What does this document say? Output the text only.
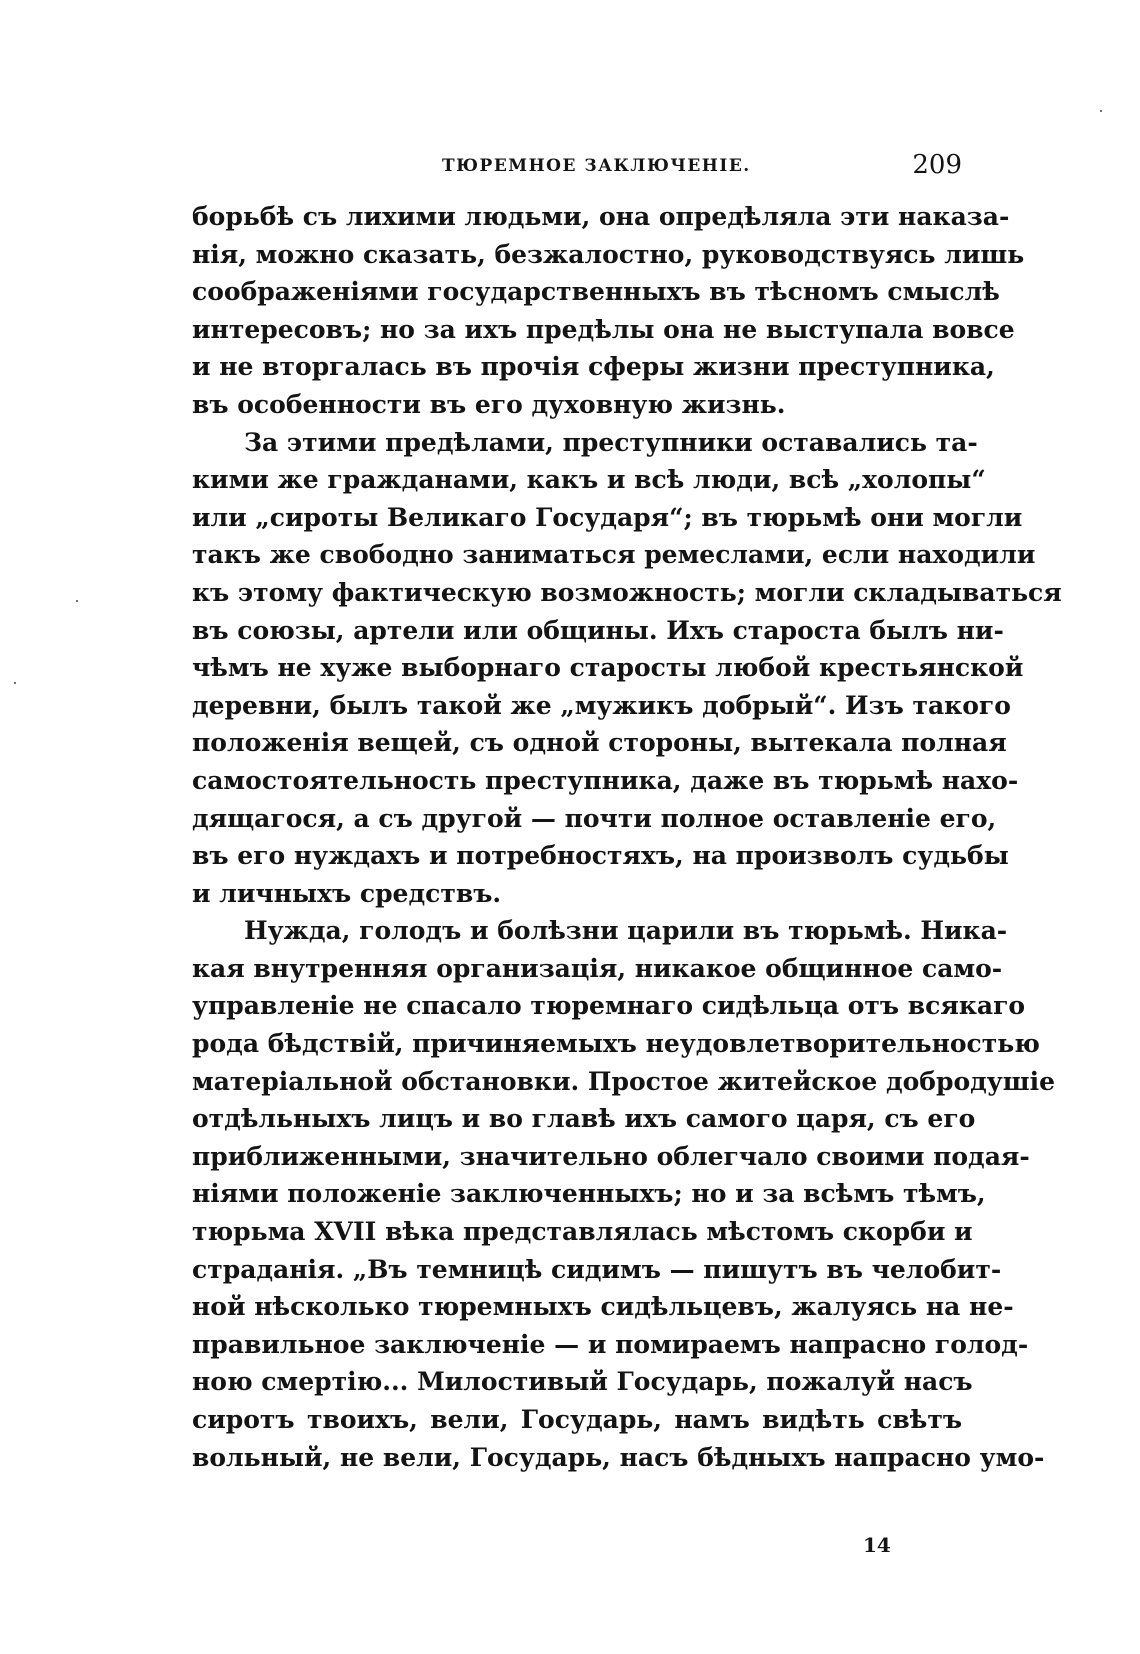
ТЮРЕМНОЕ ЗАКЛЮЧЕНІЕ.	209
борьбѣ съ лихими людьми, она опредѣляла эти наказа-
нія, можно сказать, безжалостно, руководствуясь лишь
соображеніями государственныхъ въ тѣсномъ смыслѣ
интересовъ; но за ихъ предѣлы она не выступала вовсе
и не вторгалась въ прочія сферы жизни преступника,
въ особенности въ его духовную жизнь.
За этими предѣлами, преступники оставались та-
кими же гражданами, какъ и всѣ люди, всѣ „холопы“
или „сироты Великаго Государя“; въ тюрьмѣ они могли
такъ же свободно заниматься ремеслами, если находили
къ этому фактическую возможность; могли складываться
въ союзы, артели или общины. Ихъ староста былъ ни-
чѣмъ не хуже выборнаго старосты любой крестьянской
деревни, былъ такой же „мужикъ добрый“. Изъ такого
положенія вещей, съ одной стороны, вытекала полная
самостоятельность преступника, даже въ тюрьмѣ нахо-
дящагося, а съ другой — почти полное оставленіе его,
въ его нуждахъ и потребностяхъ, на произволъ судьбы
и личныхъ средствъ.
Нужда, голодъ и болѣзни царили въ тюрьмѣ. Ника-
кая внутренняя организація, никакое общинное само-
управленіе не спасало тюремнаго сидѣльца отъ всякаго
рода бѣдствій, причиняемыхъ неудовлетворительностью
матеріальной обстановки. Простое житейское добродушіе
отдѣльныхъ лицъ и во главѣ ихъ самого царя, съ его
приближенными, значительно облегчало своими подая-
ніями положеніе заключенныхъ; но и за всѣмъ тѣмъ,
тюрьма XVII вѣка представлялась мѣстомъ скорби и
страданія. „Въ темницѣ сидимъ — пишутъ въ челобит-
ной нѣсколько тюремныхъ сидѣльцевъ, жалуясь на не-
правильное заключеніе — и помираемъ напрасно голод-
ною смертію... Милостивый Государь, пожалуй насъ
сиротъ твоихъ, вели, Государь, намъ видѣть свѣтъ
вольный, не вели, Государь, насъ бѣдныхъ напрасно умо-
14
